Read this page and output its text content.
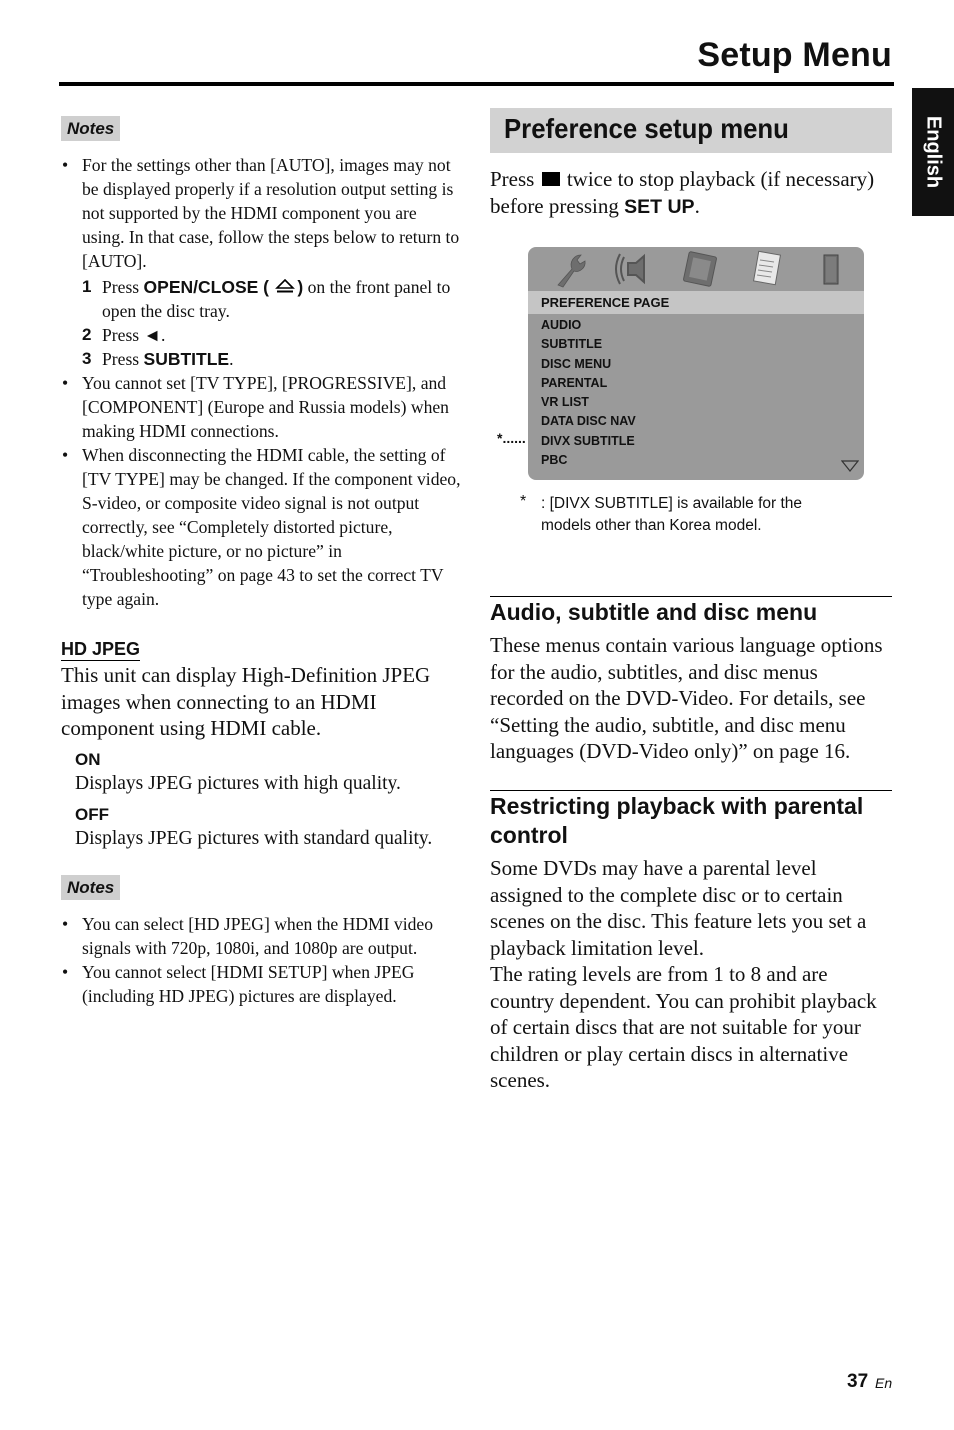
Setup Menu
English
Notes
• For the settings other than [AUTO], images may not be displayed properly if a resolution output setting is not supported by the HDMI component you are using. In that case, follow the steps below to return to [AUTO].
1 Press OPEN/CLOSE ( ) on the front panel to open the disc tray.
2 Press ◄.
3 Press SUBTITLE.
• You cannot set [TV TYPE], [PROGRESSIVE], and [COMPONENT] (Europe and Russia models) when making HDMI connections.
• When disconnecting the HDMI cable, the setting of [TV TYPE] may be changed. If the component video, S-video, or composite video signal is not output correctly, see “Completely distorted picture, black/white picture, or no picture” in “Troubleshooting” on page 43 to set the correct TV type again.
HD JPEG
This unit can display High-Definition JPEG images when connecting to an HDMI component using HDMI cable.
ON
Displays JPEG pictures with high quality.
OFF
Displays JPEG pictures with standard quality.
Notes
• You can select [HD JPEG] when the HDMI video signals with 720p, 1080i, and 1080p are output.
• You cannot select [HDMI SETUP] when JPEG (including HD JPEG) pictures are displayed.
Preference setup menu
Press  twice to stop playback (if necessary) before pressing SET UP.
PREFERENCE PAGE
AUDIO
SUBTITLE
DISC MENU
PARENTAL
VR LIST
DATA DISC NAV
DIVX SUBTITLE
PBC
*......
* : [DIVX SUBTITLE] is available for the models other than Korea model.
Audio, subtitle and disc menu
These menus contain various language options for the audio, subtitles, and disc menus recorded on the DVD-Video. For details, see “Setting the audio, subtitle, and disc menu languages (DVD-Video only)” on page 16.
Restricting playback with parental control
Some DVDs may have a parental level assigned to the complete disc or to certain scenes on the disc. This feature lets you set a playback limitation level.
The rating levels are from 1 to 8 and are country dependent. You can prohibit playback of certain discs that are not suitable for your children or play certain discs in alternative scenes.
37 En
